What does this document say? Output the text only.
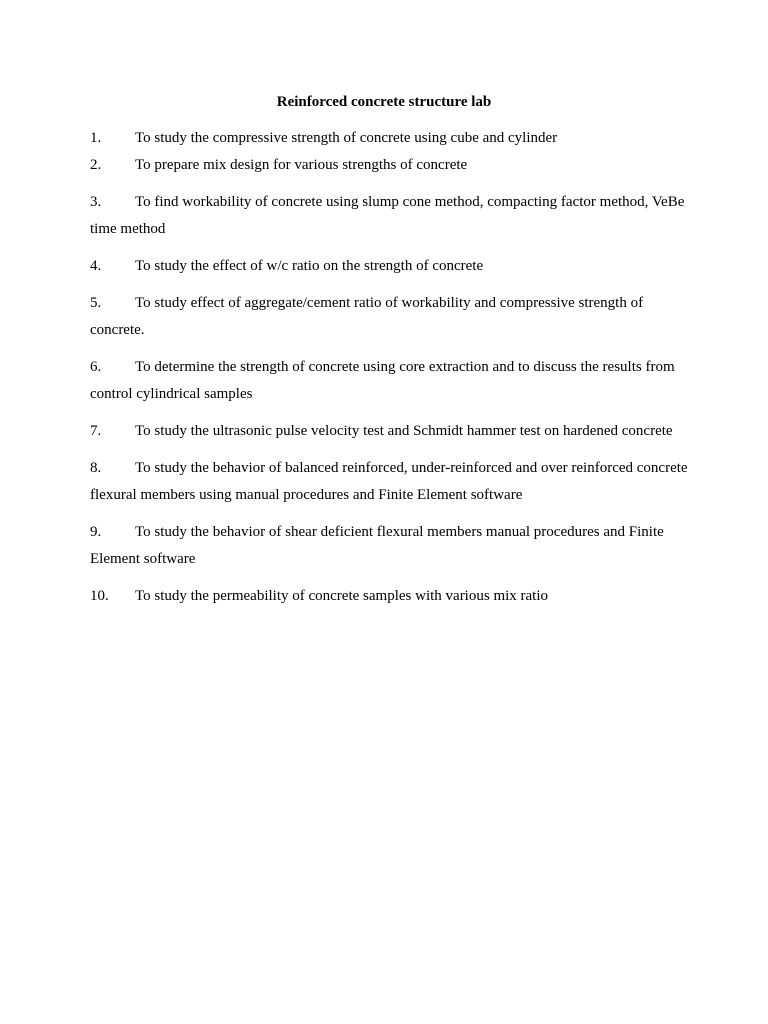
Reinforced concrete structure lab
1. To study the compressive strength of concrete using cube and cylinder
2. To prepare mix design for various strengths of concrete
3. To find workability of concrete using slump cone method, compacting factor method, VeBe time method
4. To study the effect of w/c ratio on the strength of concrete
5. To study effect of aggregate/cement ratio of workability and compressive strength of concrete.
6. To determine the strength of concrete using core extraction and to discuss the results from control cylindrical samples
7. To study the ultrasonic pulse velocity test and Schmidt hammer test on hardened concrete
8. To study the behavior of balanced reinforced, under-reinforced and over reinforced concrete flexural members using manual procedures and Finite Element software
9. To study the behavior of shear deficient flexural members manual procedures and Finite Element software
10. To study the permeability of concrete samples with various mix ratio
